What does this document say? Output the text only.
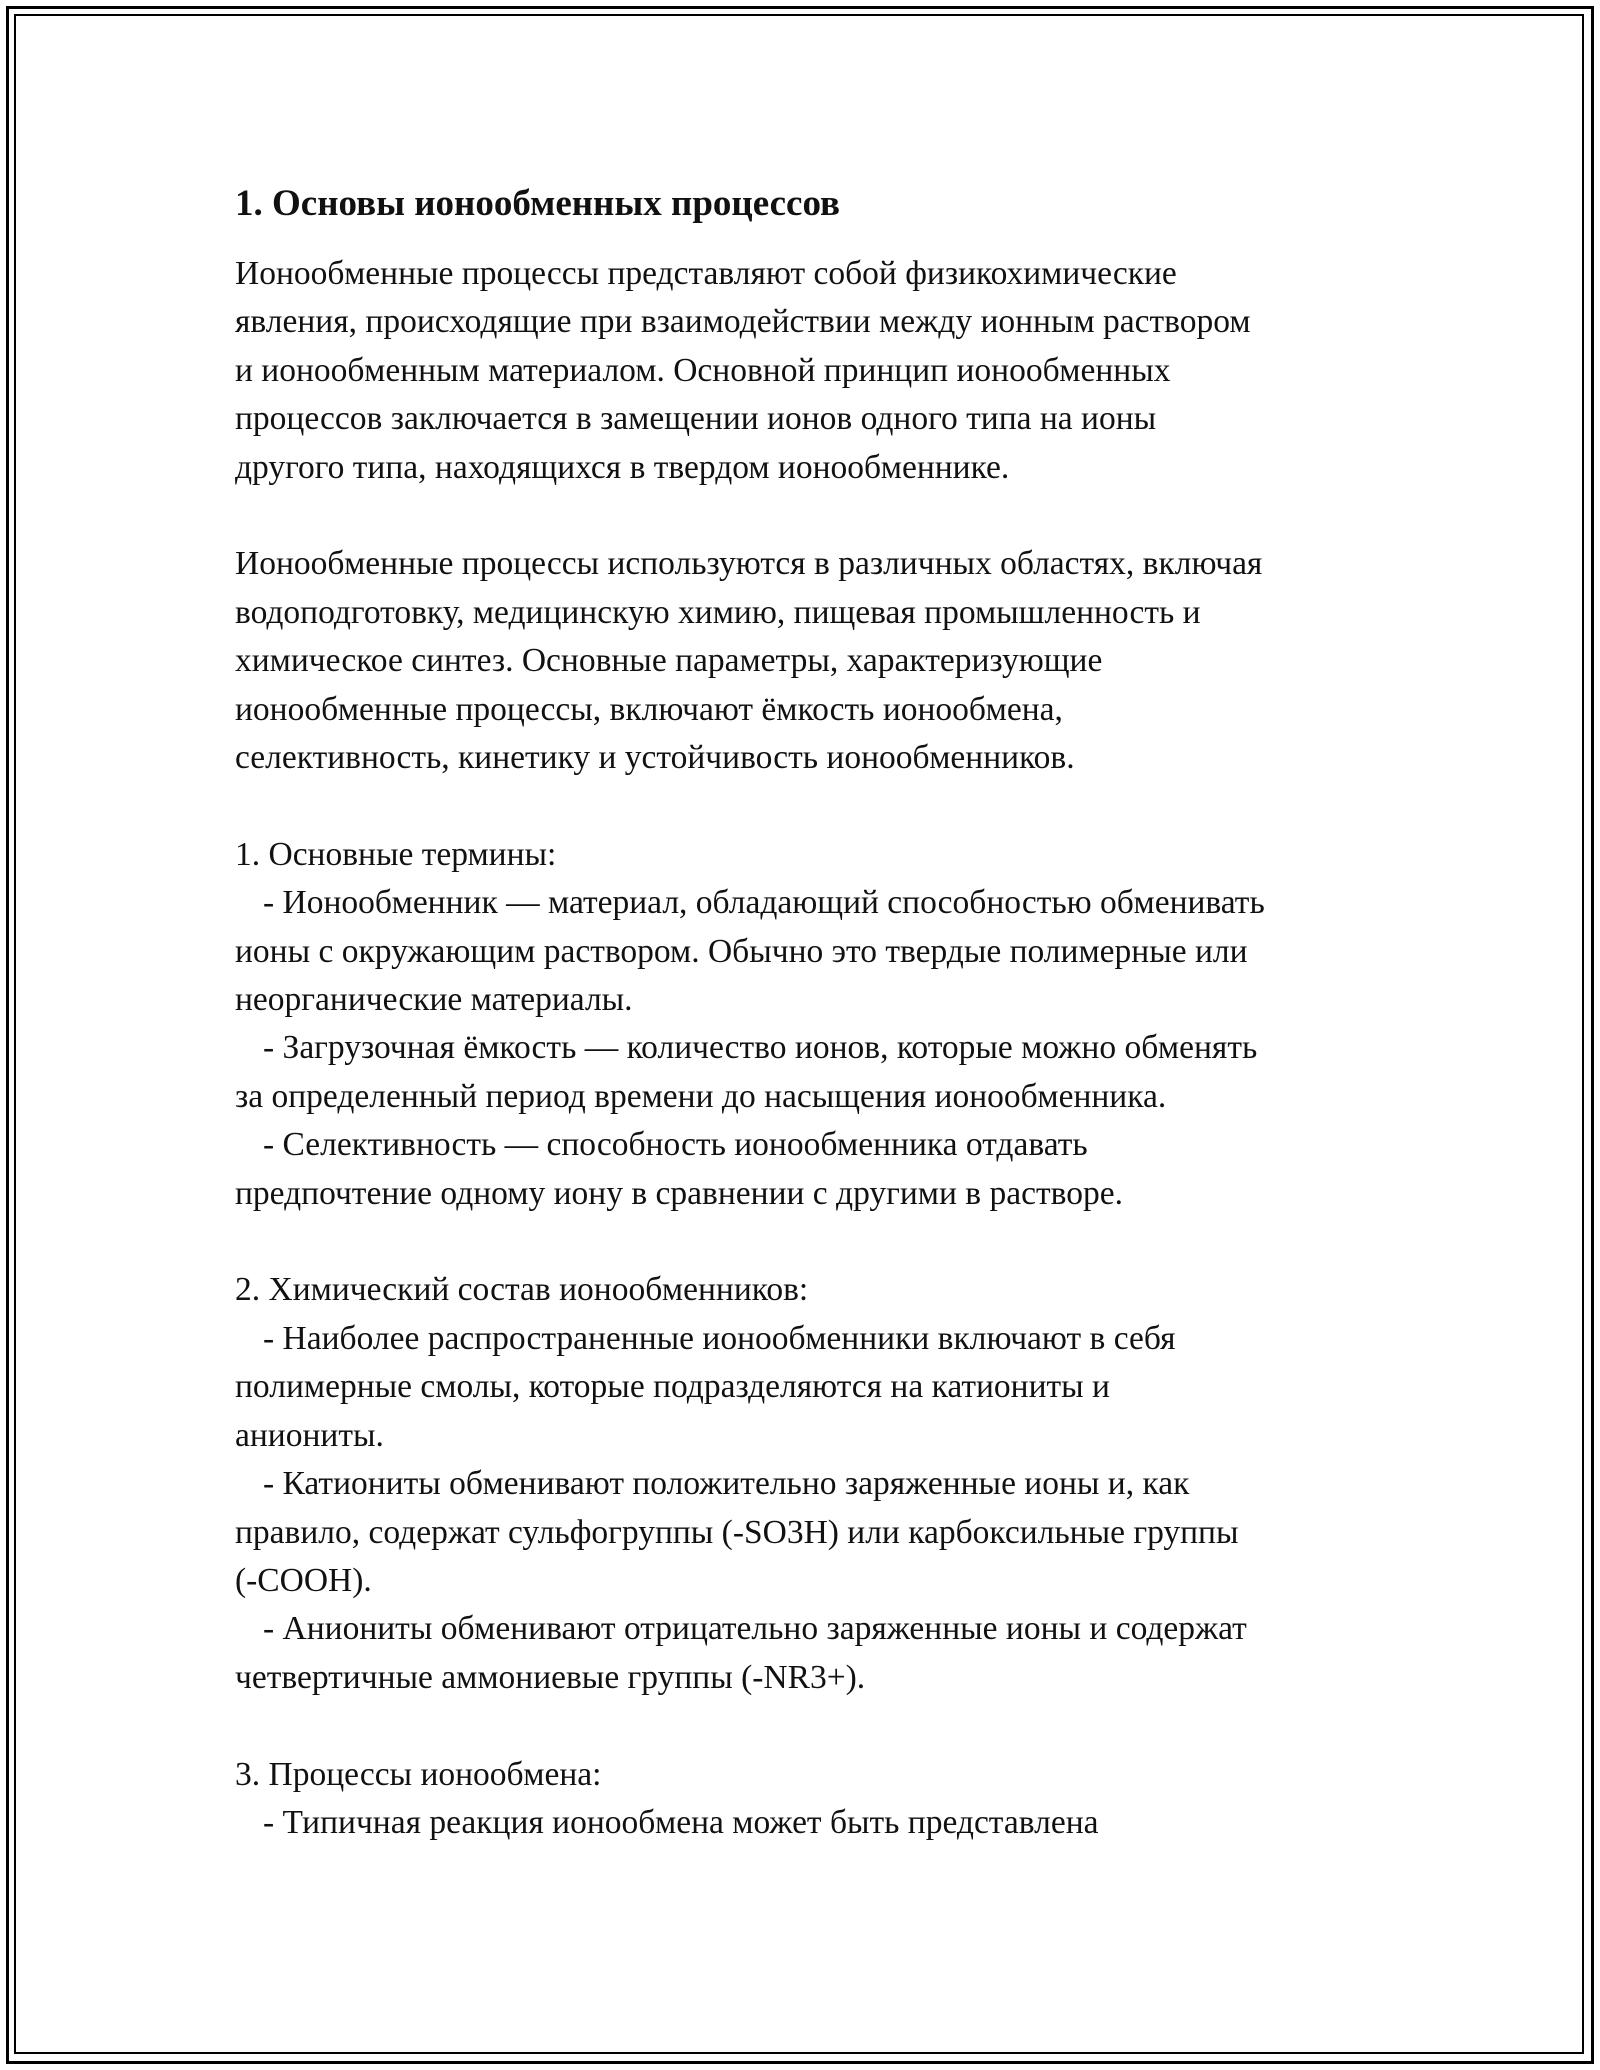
1. Основы ионообменных процессов
Ионообменные процессы представляют собой физикохимические
явления, происходящие при взаимодействии между ионным раствором
и ионообменным материалом. Основной принцип ионообменных
процессов заключается в замещении ионов одного типа на ионы
другого типа, находящихся в твердом ионообменнике.
Ионообменные процессы используются в различных областях, включая
водоподготовку, медицинскую химию, пищевая промышленность и
химическое синтез. Основные параметры, характеризующие
ионообменные процессы, включают ёмкость ионообмена,
селективность, кинетику и устойчивость ионообменников.
1. Основные термины:
- Ионообменник — материал, обладающий способностью обменивать
ионы с окружающим раствором. Обычно это твердые полимерные или
неорганические материалы.
- Загрузочная ёмкость — количество ионов, которые можно обменять
за определенный период времени до насыщения ионообменника.
- Селективность — способность ионообменника отдавать
предпочтение одному иону в сравнении с другими в растворе.
2. Химический состав ионообменников:
- Наиболее распространенные ионообменники включают в себя
полимерные смолы, которые подразделяются на катиониты и
аниониты.
- Катиониты обменивают положительно заряженные ионы и, как
правило, содержат сульфогруппы (-SO3H) или карбоксильные группы
(-COOH).
- Аниониты обменивают отрицательно заряженные ионы и содержат
четвертичные аммониевые группы (-NR3+).
3. Процессы ионообмена:
- Типичная реакция ионообмена может быть представлена
